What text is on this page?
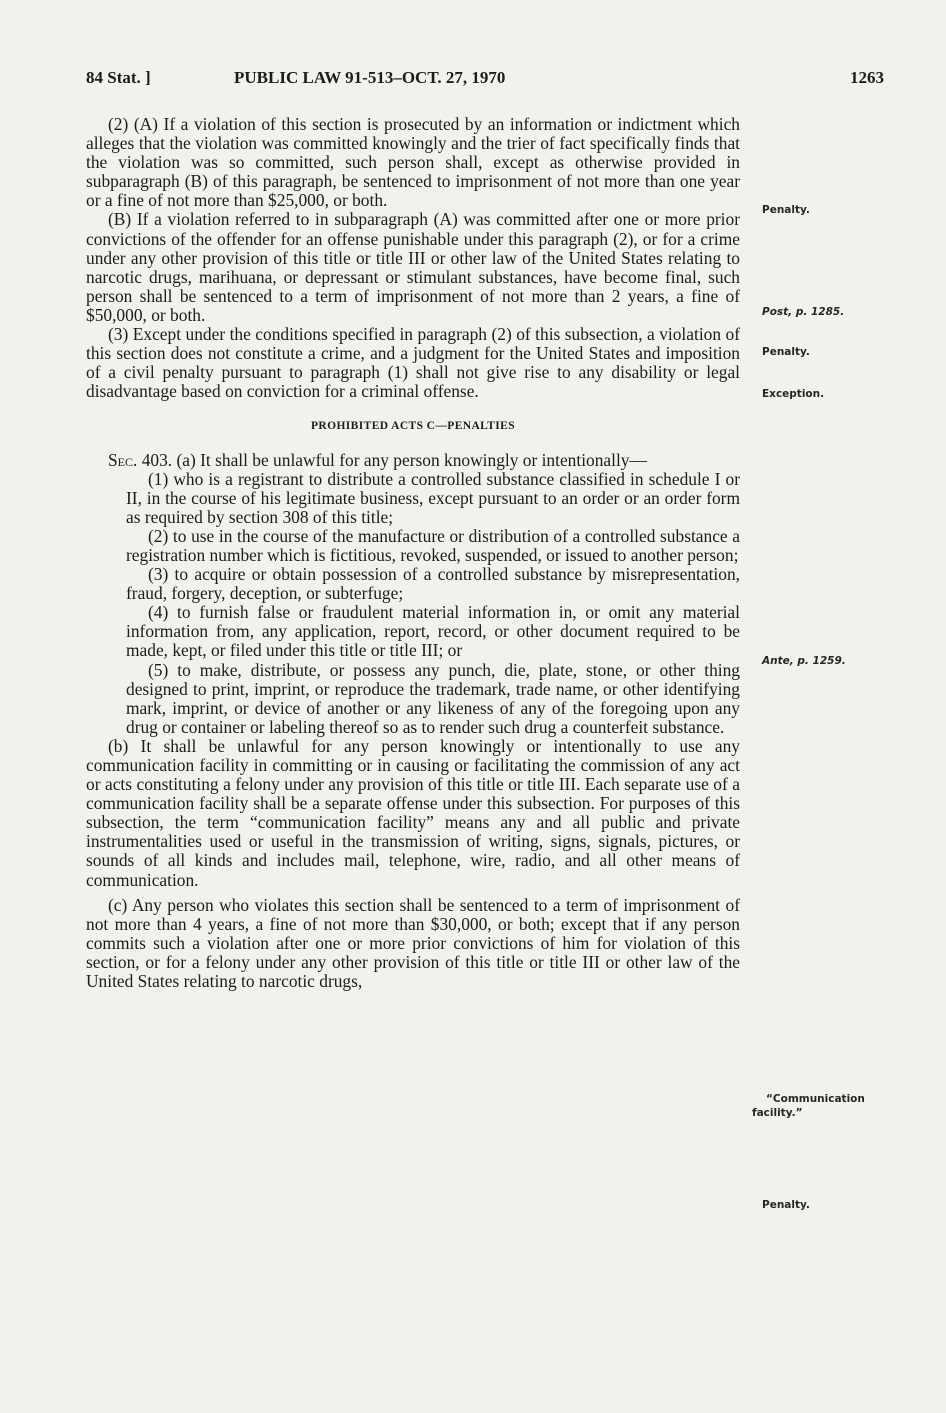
84 Stat. ]	PUBLIC LAW 91-513–OCT. 27, 1970	1263

(2) (A) If a violation of this section is prosecuted by an information or indictment which alleges that the violation was committed knowingly and the trier of fact specifically finds that the violation was so committed, such person shall, except as otherwise provided in subparagraph (B) of this paragraph, be sentenced to imprisonment of not more than one year or a fine of not more than $25,000, or both.

(B) If a violation referred to in subparagraph (A) was committed after one or more prior convictions of the offender for an offense punishable under this paragraph (2), or for a crime under any other provision of this title or title III or other law of the United States relating to narcotic drugs, marihuana, or depressant or stimulant substances, have become final, such person shall be sentenced to a term of imprisonment of not more than 2 years, a fine of $50,000, or both.

(3) Except under the conditions specified in paragraph (2) of this subsection, a violation of this section does not constitute a crime, and a judgment for the United States and imposition of a civil penalty pursuant to paragraph (1) shall not give rise to any disability or legal disadvantage based on conviction for a criminal offense.

PROHIBITED ACTS C—PENALTIES

Sec. 403. (a) It shall be unlawful for any person knowingly or intentionally—

(1) who is a registrant to distribute a controlled substance classified in schedule I or II, in the course of his legitimate business, except pursuant to an order or an order form as required by section 308 of this title;

(2) to use in the course of the manufacture or distribution of a controlled substance a registration number which is fictitious, revoked, suspended, or issued to another person;

(3) to acquire or obtain possession of a controlled substance by misrepresentation, fraud, forgery, deception, or subterfuge;

(4) to furnish false or fraudulent material information in, or omit any material information from, any application, report, record, or other document required to be made, kept, or filed under this title or title III; or

(5) to make, distribute, or possess any punch, die, plate, stone, or other thing designed to print, imprint, or reproduce the trademark, trade name, or other identifying mark, imprint, or device of another or any likeness of any of the foregoing upon any drug or container or labeling thereof so as to render such drug a counterfeit substance.

(b) It shall be unlawful for any person knowingly or intentionally to use any communication facility in committing or in causing or facilitating the commission of any act or acts constituting a felony under any provision of this title or title III. Each separate use of a communication facility shall be a separate offense under this subsection. For purposes of this subsection, the term “communication facility” means any and all public and private instrumentalities used or useful in the transmission of writing, signs, signals, pictures, or sounds of all kinds and includes mail, telephone, wire, radio, and all other means of communication.

(c) Any person who violates this section shall be sentenced to a term of imprisonment of not more than 4 years, a fine of not more than $30,000, or both; except that if any person commits such a violation after one or more prior convictions of him for violation of this section, or for a felony under any other provision of this title or title III or other law of the United States relating to narcotic drugs,

Penalty.
Post, p. 1285.
Penalty.
Exception.
Ante, p. 1259.
“Communication
facility.”
Penalty.
